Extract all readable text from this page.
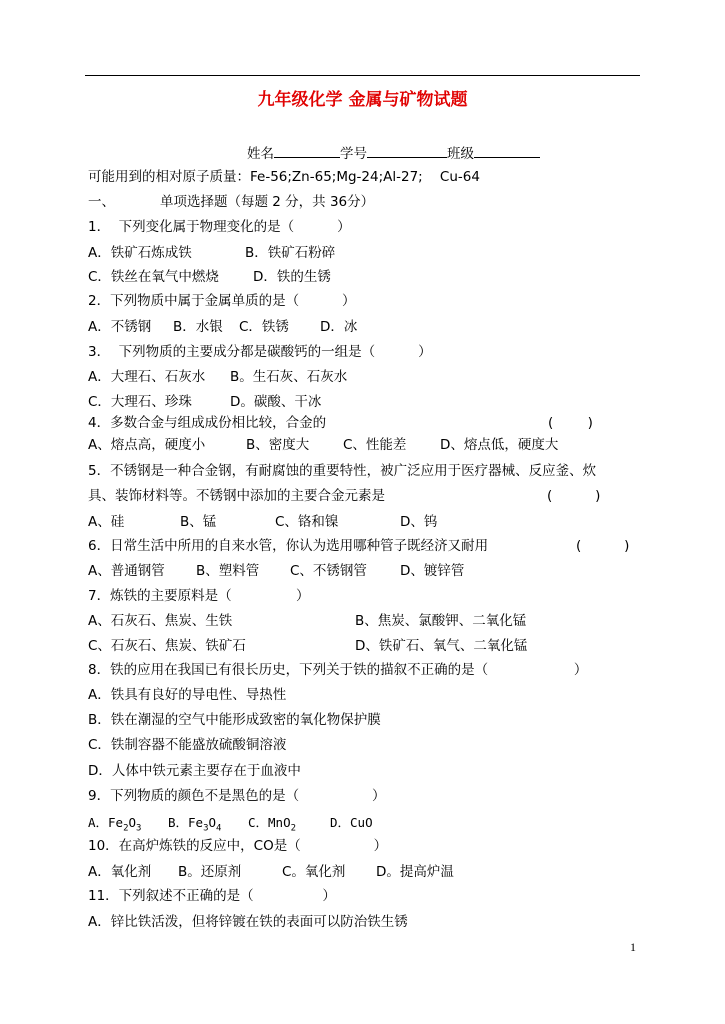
九年级化学 金属与矿物试题
姓名	学号	班级
可能用到的相对原子质量：Fe-56;Zn-65;Mg-24;Al-27;    Cu-64
一、	单项选择题（每题 2 分，共 36分）
1．  下列变化属于物理变化的是（          ）
A．铁矿石炼成铁	B．铁矿石粉碎
C．铁丝在氧气中燃烧	D．铁的生锈
2．下列物质中属于金属单质的是（          ）
A．不锈钢 B．水银 C．铁锈 D．冰
3．  下列物质的主要成分都是碳酸钙的一组是（          ）
A．大理石、石灰水 B。生石灰、石灰水
C．大理石、珍珠	D。碳酸、干冰
4．多数合金与组成成份相比较，合金的	(        )
A、熔点高，硬度小	B、密度大 C、性能差 D、熔点低，硬度大
5．不锈钢是一种合金钢，有耐腐蚀的重要特性，被广泛应用于医疗器械、反应釜、炊
具、装饰材料等。不锈钢中添加的主要合金元素是	(          )
A、硅	B、锰	C、铬和镍	D、钨
6．日常生活中所用的自来水管，你认为选用哪种管子既经济又耐用	(          )
A、普通钢管 B、塑料管 C、不锈钢管 D、镀锌管
7．炼铁的主要原料是（               ）
A、石灰石、焦炭、生铁	B、焦炭、氯酸钾、二氧化锰
C、石灰石、焦炭、铁矿石	D、铁矿石、氧气、二氧化锰
8．铁的应用在我国已有很长历史，下列关于铁的描叙不正确的是（                    ）
A．铁具有良好的导电性、导热性
B．铁在潮湿的空气中能形成致密的氧化物保护膜
C．铁制容器不能盛放硫酸铜溶液
D．人体中铁元素主要存在于血液中
9．下列物质的颜色不是黑色的是（                 ）
A．$Fe_2O_3$ B．$Fe_3O_4$ C．MnO$_2$	D．CuO
10．在高炉炼铁的反应中，CO是（                 ）
A．氧化剂 B。还原剂	C。氧化剂 D。提高炉温
11．下列叙述不正确的是（                ）
A．锌比铁活泼，但将锌镀在铁的表面可以防治铁生锈
1
